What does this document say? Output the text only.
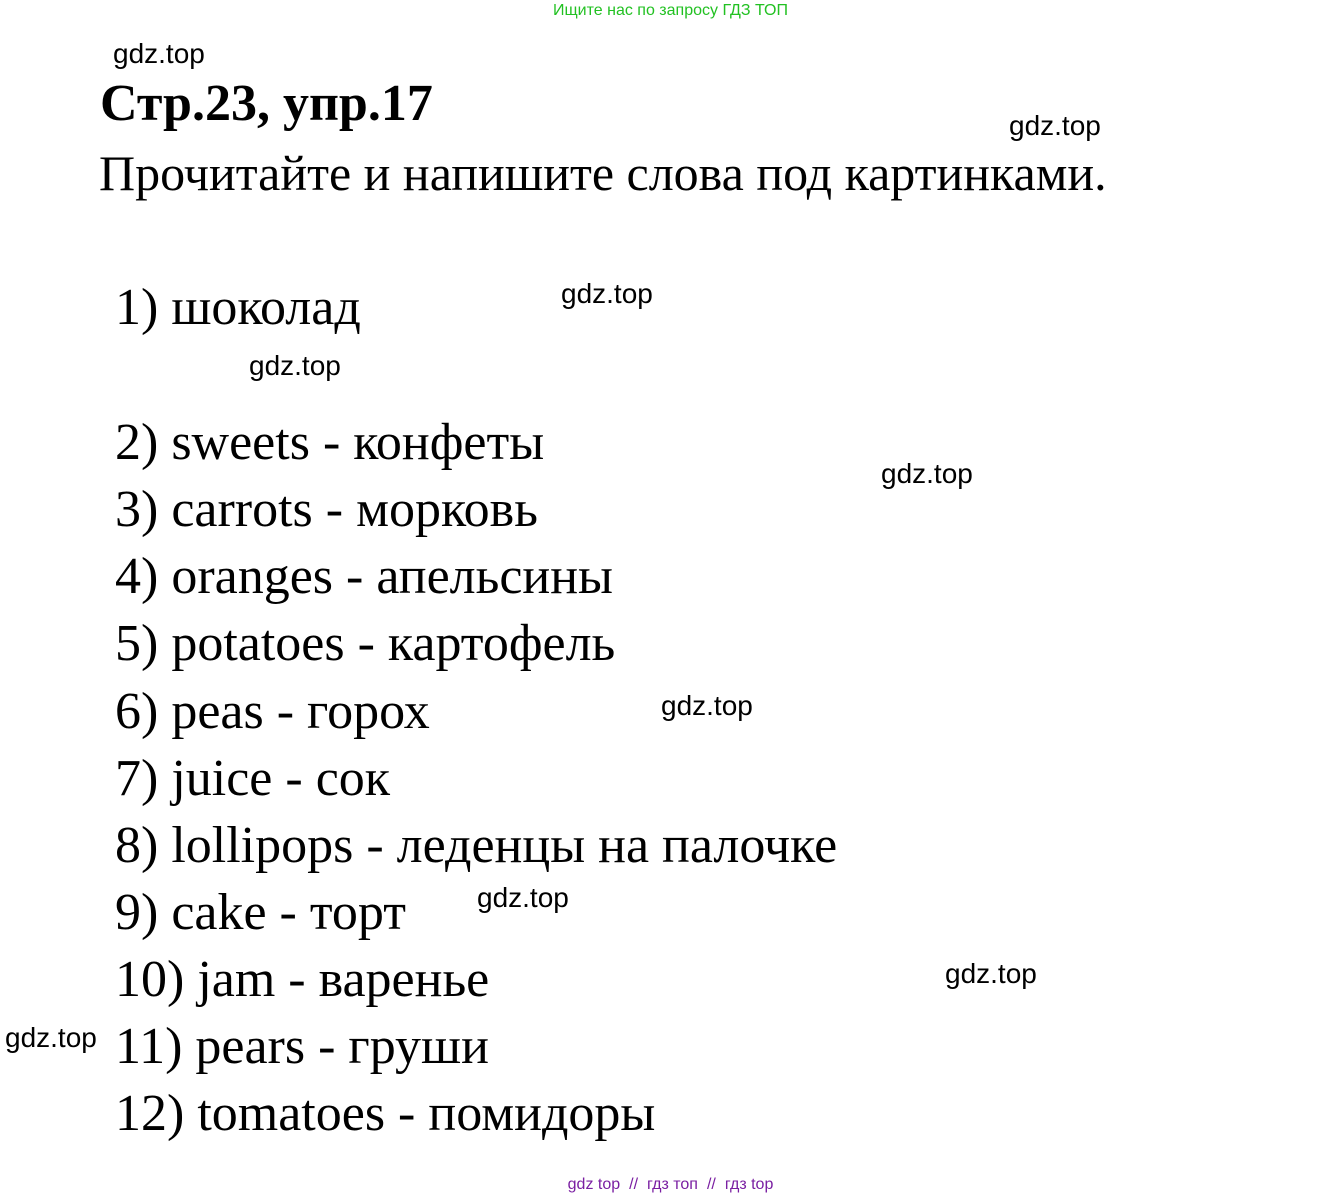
Ищите нас по запросу ГДЗ ТОП
gdz.top
Стр.23, упр.17	gdz.top
Прочитайте и напишите слова под картинками.
1) шоколад	gdz.top
gdz.top
2) sweets - конфеты
gdz.top
3) carrots - морковь
4) oranges - апельсины
5) potatoes - картофель
6) peas - горох	gdz.top
7) juice - сок
8) lollipops - леденцы на палочке
9) cake - торт	gdz.top
10) jam - варенье	gdz.top
gdz.top 11) pears - груши
12) tomatoes - помидоры
gdz top // гдз топ // гдз top
